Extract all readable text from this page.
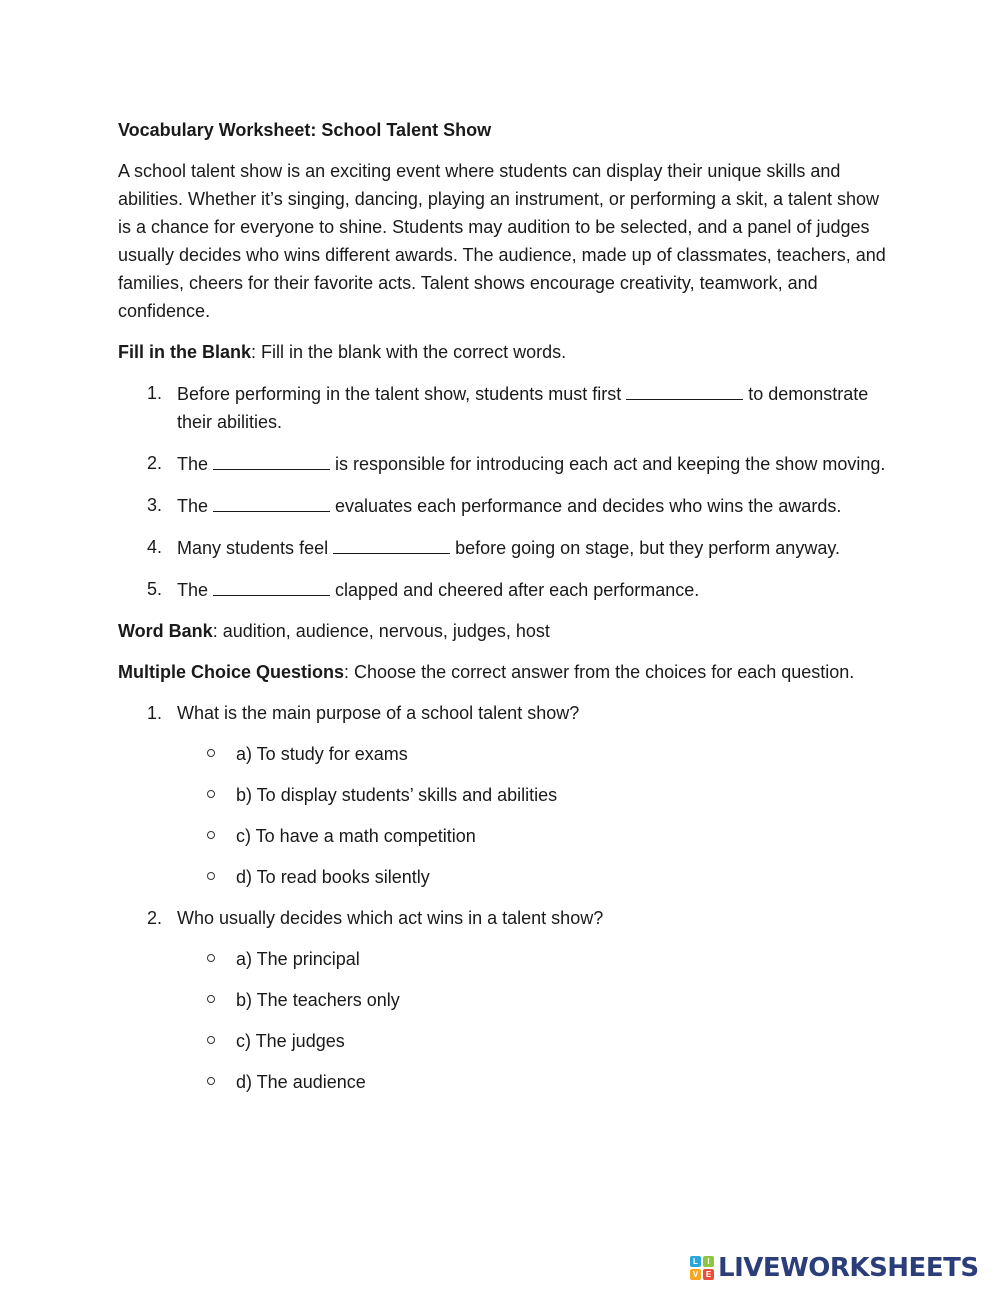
Vocabulary Worksheet: School Talent Show

A school talent show is an exciting event where students can display their unique skills and abilities. Whether it’s singing, dancing, playing an instrument, or performing a skit, a talent show is a chance for everyone to shine. Students may audition to be selected, and a panel of judges usually decides who wins different awards. The audience, made up of classmates, teachers, and families, cheers for their favorite acts. Talent shows encourage creativity, teamwork, and confidence.

Fill in the Blank: Fill in the blank with the correct words.

1. Before performing in the talent show, students must first	to demonstrate their abilities.
2. The	is responsible for introducing each act and keeping the show moving.
3. The	evaluates each performance and decides who wins the awards.
4. Many students feel	before going on stage, but they perform anyway.
5. The	clapped and cheered after each performance.

Word Bank: audition, audience, nervous, judges, host

Multiple Choice Questions: Choose the correct answer from the choices for each question.

1. What is the main purpose of a school talent show?
a) To study for exams
b) To display students’ skills and abilities
c) To have a math competition
d) To read books silently
2. Who usually decides which act wins in a talent show?
a) The principal
b) The teachers only
c) The judges
d) The audience
L	I
V E LIVEWORKSHEETS
